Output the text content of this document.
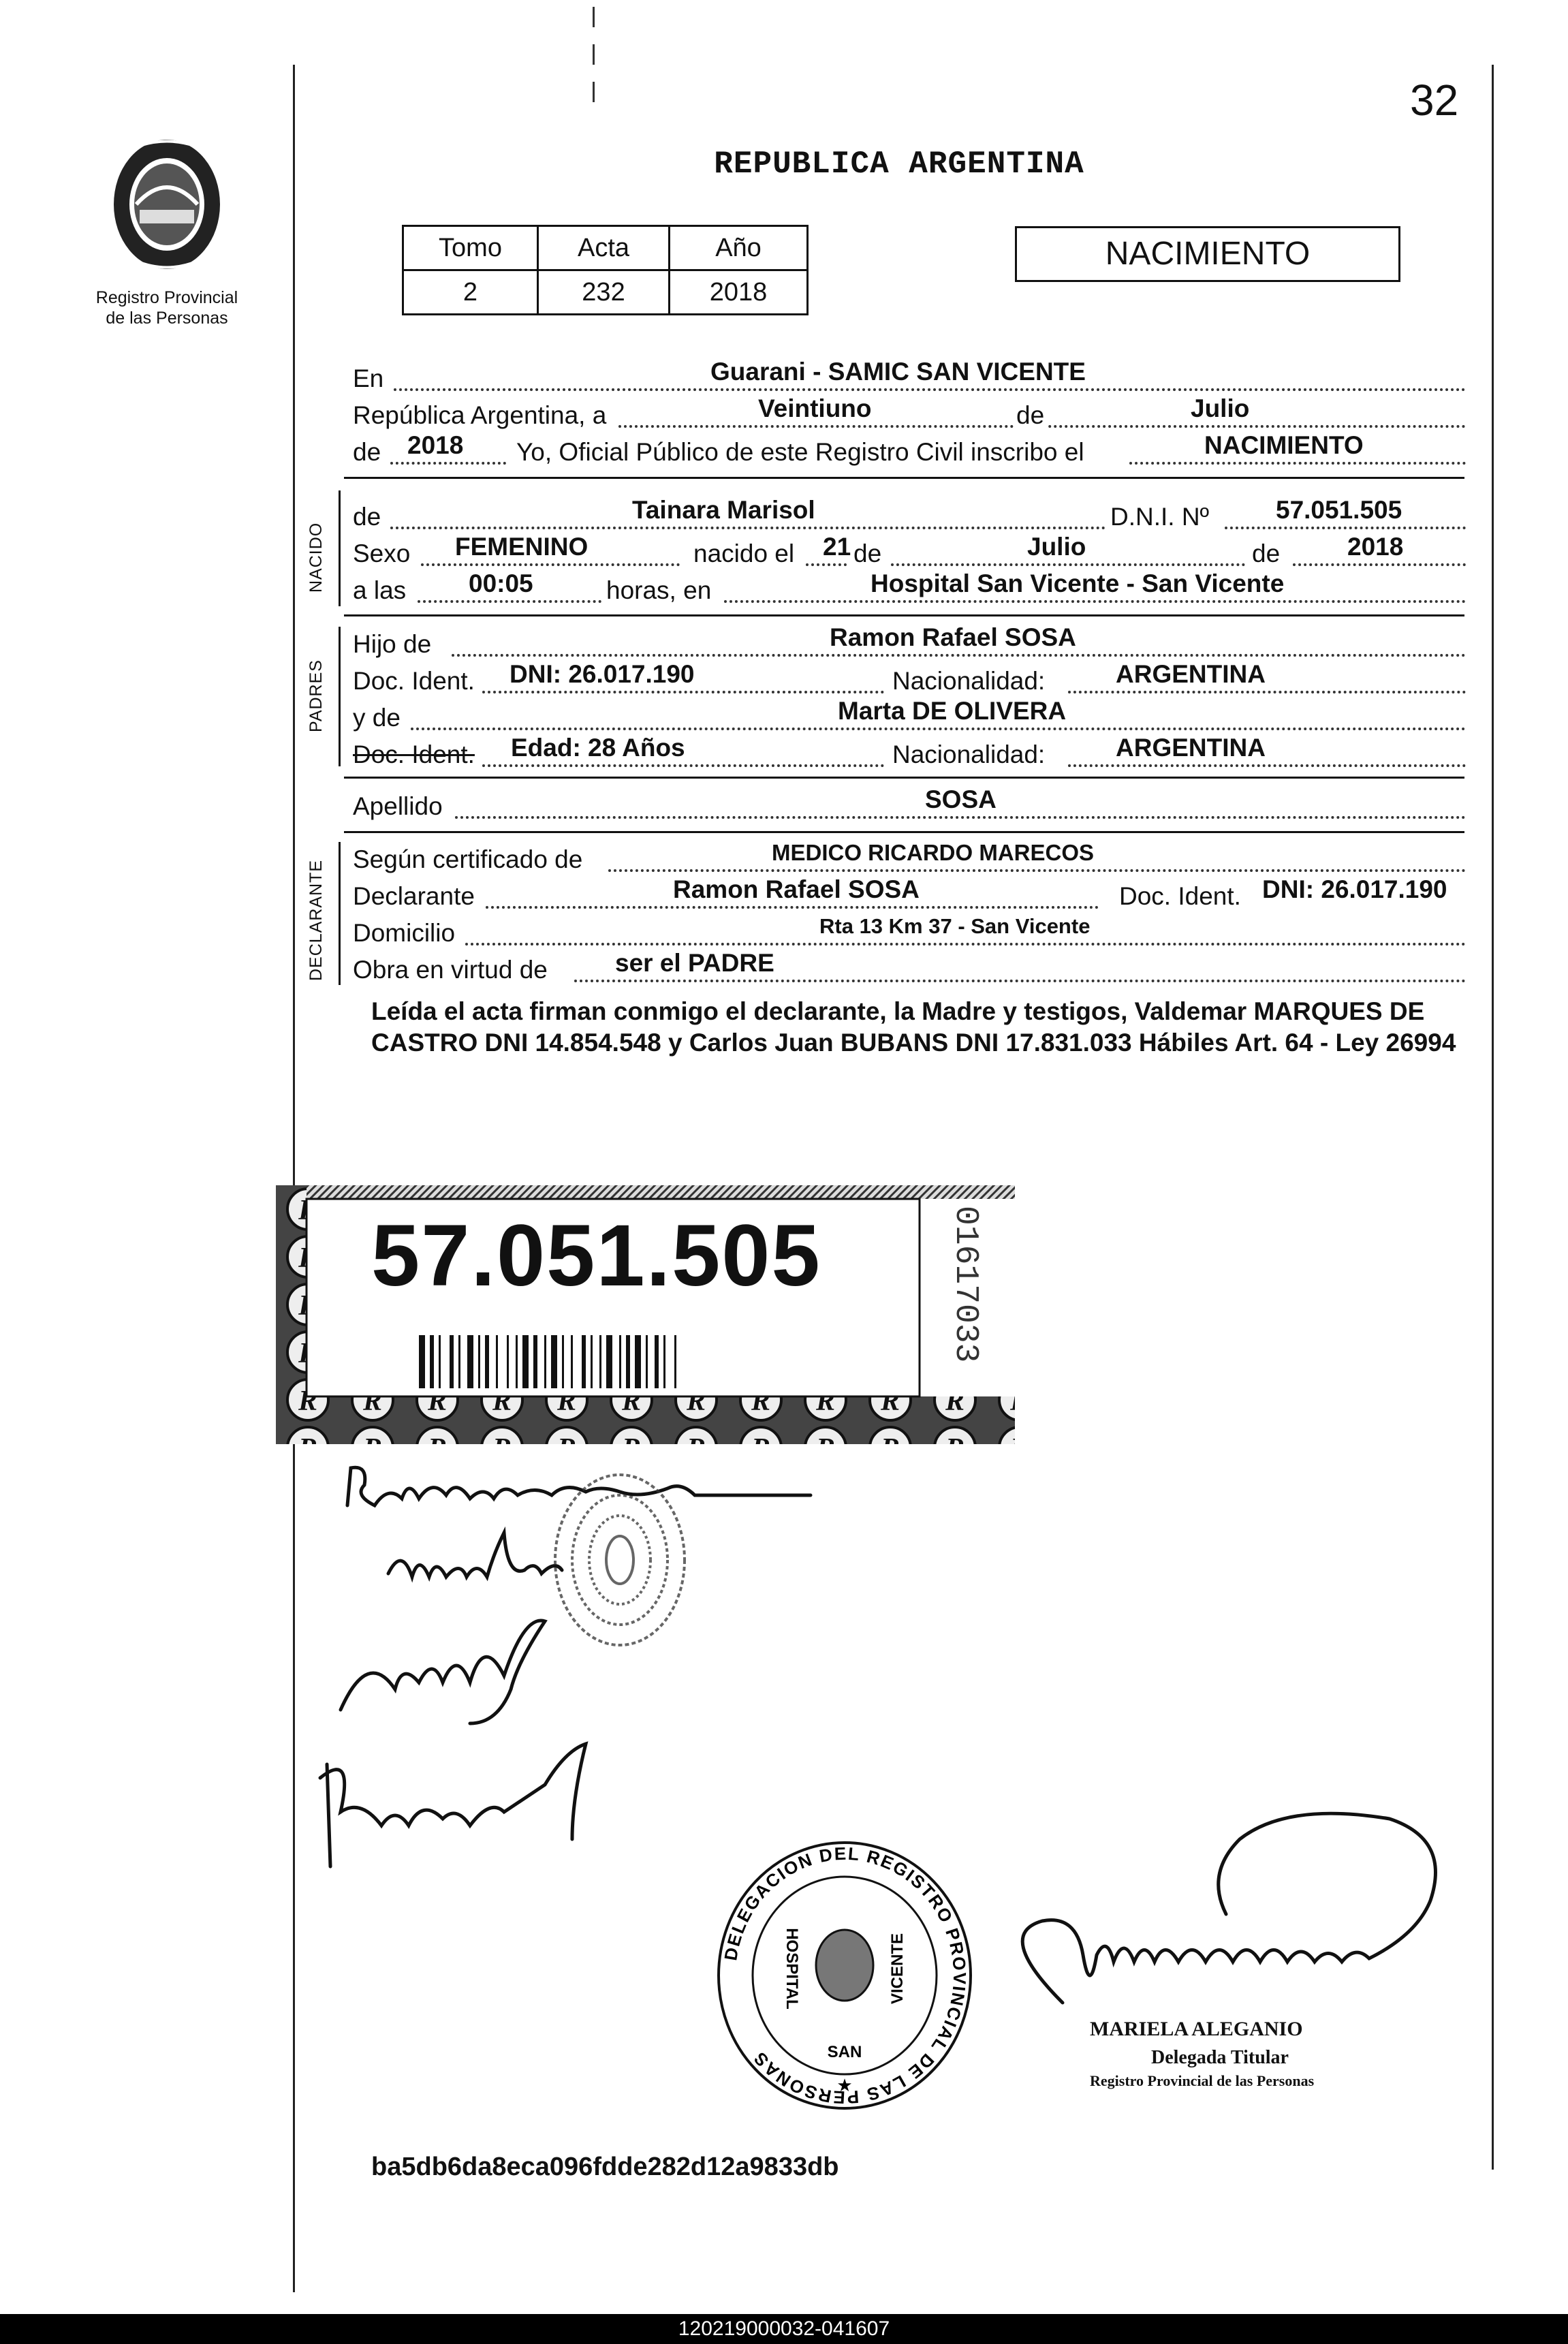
32
Registro Provincial
de las Personas
REPUBLICA ARGENTINA
Tomo	Acta	Año
2	232	2018
NACIMIENTO
En	Guarani - SAMIC SAN VICENTE
República Argentina, a	Veintiuno	de	Julio
de 2018 Yo, Oficial Público de este Registro Civil inscribo el	NACIMIENTO
NACIDO
de	Tainara Marisol	D.N.I. Nº	57.051.505
Sexo FEMENINO	nacido el 21 de	Julio	de	2018
a las 00:05	horas, en	Hospital San Vicente - San Vicente
PADRES
Hijo de	Ramon Rafael SOSA
Doc. Ident. DNI: 26.017.190	Nacionalidad:	ARGENTINA
y de	Marta DE OLIVERA
Doc. Ident. Edad: 28 Años	Nacionalidad:	ARGENTINA
Apellido	SOSA
DECLARANTE
Según certificado de	MEDICO RICARDO MARECOS
Declarante	Ramon Rafael SOSA	Doc. Ident. DNI: 26.017.190
Domicilio	Rta 13 Km 37 - San Vicente
Obra en virtud de	ser el PADRE
Leída el acta firman conmigo el declarante, la Madre y testigos, Valdemar MARQUES DE CASTRO DNI 14.854.548 y Carlos Juan BUBANS DNI 17.831.033 Hábiles Art. 64 - Ley 26994
57.051.505	01617033
DELEGACION DEL REGISTRO PROVINCIAL DE LAS PERSONAS
HOSPITAL	VICENTE
SAN
★
MARIELA ALEGANIO
Delegada Titular
Registro Provincial de las Personas
ba5db6da8eca096fdde282d12a9833db
120219000032-041607
